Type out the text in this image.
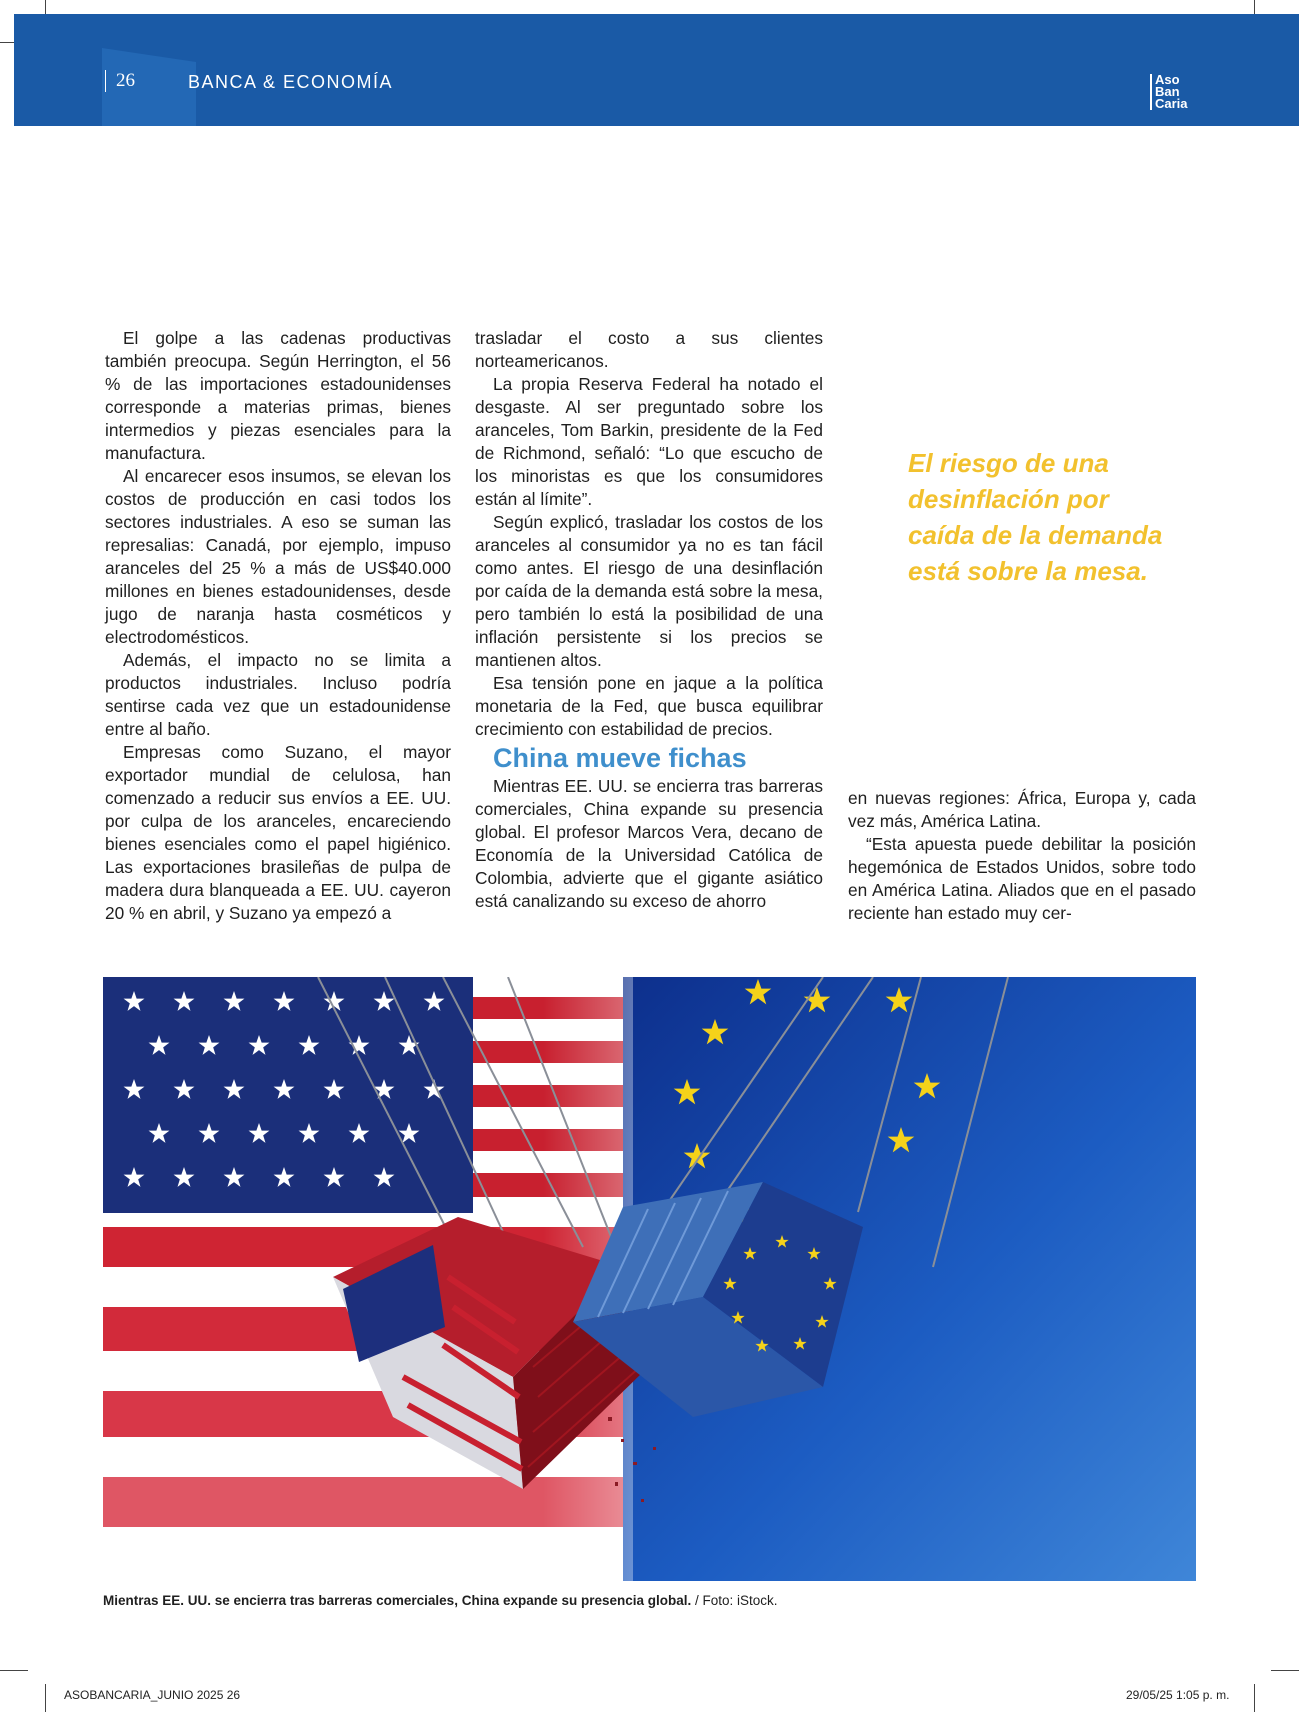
26	BANCA & ECONOMÍA	Aso
Ban
Caria

El golpe a las cadenas productivas también preocupa. Según Herrington, el 56 % de las importaciones estadounidenses corresponde a materias primas, bienes intermedios y piezas esenciales para la manufactura.

Al encarecer esos insumos, se elevan los costos de producción en casi todos los sectores industriales. A eso se suman las represalias: Canadá, por ejemplo, impuso aranceles del 25 % a más de US$40.000 millones en bienes estadounidenses, desde jugo de naranja hasta cosméticos y electrodomésticos.

Además, el impacto no se limita a productos industriales. Incluso podría sentirse cada vez que un estadounidense entre al baño.

Empresas como Suzano, el mayor exportador mundial de celulosa, han comenzado a reducir sus envíos a EE. UU. por culpa de los aranceles, encareciendo bienes esenciales como el papel higiénico. Las exportaciones brasileñas de pulpa de madera dura blanqueada a EE. UU. cayeron 20 % en abril, y Suzano ya empezó a

trasladar el costo a sus clientes norteamericanos.

La propia Reserva Federal ha notado el desgaste. Al ser preguntado sobre los aranceles, Tom Barkin, presidente de la Fed de Richmond, señaló: “Lo que escucho de los minoristas es que los consumidores están al límite”.

Según explicó, trasladar los costos de los aranceles al consumidor ya no es tan fácil como antes. El riesgo de una desinflación por caída de la demanda está sobre la mesa, pero también lo está la posibilidad de una inflación persistente si los precios se mantienen altos.

Esa tensión pone en jaque a la política monetaria de la Fed, que busca equilibrar crecimiento con estabilidad de precios.

China mueve fichas

Mientras EE. UU. se encierra tras barreras comerciales, China expande su presencia global. El profesor Marcos Vera, decano de Economía de la Universidad Católica de Colombia, advierte que el gigante asiático está canalizando su exceso de ahorro

El riesgo de una desinflación por caída de la demanda está sobre la mesa.

en nuevas regiones: África, Europa y, cada vez más, América Latina.

“Esta apuesta puede debilitar la posición hegemónica de Estados Unidos, sobre todo en América Latina. Aliados que en el pasado reciente han estado muy cer-

Mientras EE. UU. se encierra tras barreras comerciales, China expande su presencia global. / Foto: iStock.
ASOBANCARIA_JUNIO 2025 26	29/05/25 1:05 p. m.
